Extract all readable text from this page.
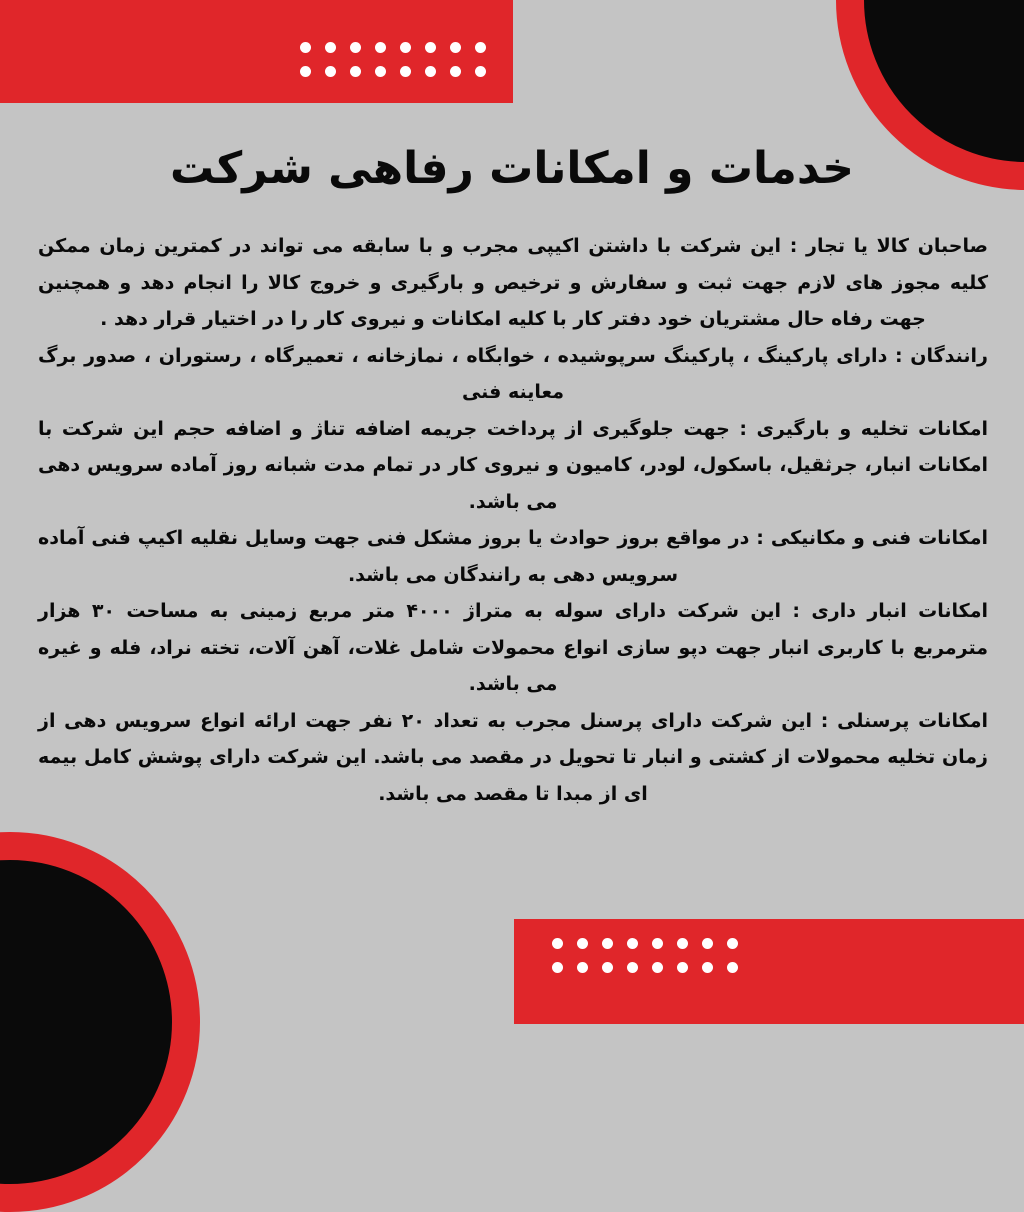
خدمات و امکانات رفاهی شرکت

صاحبان کالا یا تجار : این شرکت با داشتن اکیپی مجرب و با سابقه می تواند در کمترین زمان ممکن کلیه مجوز های لازم جهت ثبت و سفارش و ترخیص و بارگیری و خروج کالا را انجام دهد و همچنین جهت رفاه حال مشتریان خود دفتر کار با کلیه امکانات و نیروی کار را در اختیار قرار دهد .

رانندگان : دارای پارکینگ ، پارکینگ سرپوشیده ، خوابگاه ، نمازخانه ، تعمیرگاه ، رستوران ، صدور برگ معاینه فنی

امکانات تخلیه و بارگیری : جهت جلوگیری از پرداخت جریمه اضافه تناژ و اضافه حجم این شرکت با امکانات انبار، جرثقیل، باسکول، لودر، کامیون و نیروی کار در تمام مدت شبانه روز آماده سرویس دهی می باشد.

امکانات فنی و مکانیکی : در مواقع بروز حوادث یا بروز مشکل فنی جهت وسایل نقلیه اکیپ فنی آماده سرویس دهی به رانندگان می باشد.

امکانات انبار داری : این شرکت دارای سوله به متراژ ۴۰۰۰ متر مربع زمینی به مساحت ۳۰ هزار مترمربع با کاربری انبار جهت دپو سازی انواع محمولات شامل غلات، آهن آلات، تخته نراد، فله و غیره می باشد.

امکانات پرسنلی : این شرکت دارای پرسنل مجرب به تعداد ۲۰ نفر جهت ارائه انواع سرویس دهی از زمان تخلیه محمولات از کشتی و انبار تا تحویل در مقصد می باشد. این شرکت دارای پوشش کامل بیمه ای از مبدا تا مقصد می باشد.
